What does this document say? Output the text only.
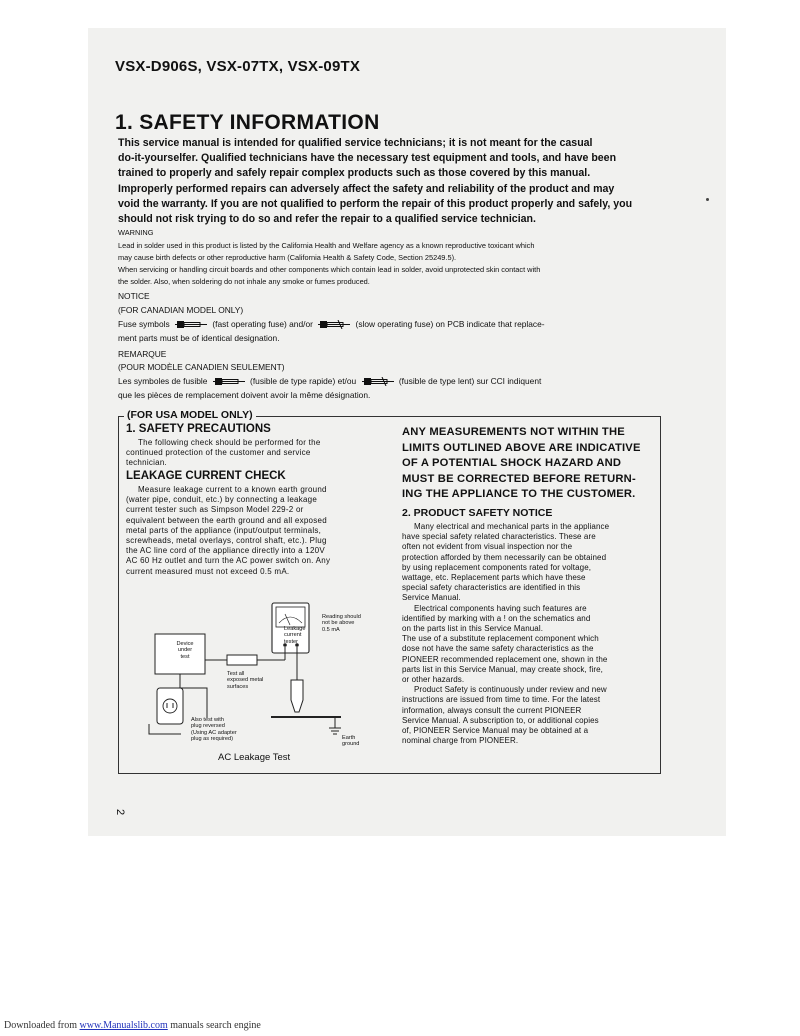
VSX-D906S, VSX-07TX, VSX-09TX
1. SAFETY INFORMATION
This service manual is intended for qualified service technicians; it is not meant for the casual
do-it-yourselfer. Qualified technicians have the necessary test equipment and tools, and have been
trained to properly and safely repair complex products such as those covered by this manual.
Improperly performed repairs can adversely affect the safety and reliability of the product and may
void the warranty. If you are not qualified to perform the repair of this product properly and safely, you
should not risk trying to do so and refer the repair to a qualified service technician.
WARNING
Lead in solder used in this product is listed by the California Health and Welfare agency as a known reproductive toxicant which
may cause birth defects or other reproductive harm (California Health & Safety Code, Section 25249.5).
When servicing or handling circuit boards and other components which contain lead in solder, avoid unprotected skin contact with
the solder. Also, when soldering do not inhale any smoke or fumes produced.
NOTICE
(FOR CANADIAN MODEL ONLY)
Fuse symbols	(fast operating fuse) and/or	(slow operating fuse) on PCB indicate that replace-
ment parts must be of identical designation.
REMARQUE
(POUR MODÈLE CANADIEN SEULEMENT)
Les symboles de fusible	(fusible de type rapide) et/ou	(fusible de type lent) sur CCI indiquent
que les pièces de remplacement doivent avoir la même désignation.
(FOR USA MODEL ONLY)
1. SAFETY PRECAUTIONS
The following check should be performed for the
continued protection of the customer and service
technician.
LEAKAGE CURRENT CHECK
Measure leakage current to a known earth ground
(water pipe, conduit, etc.) by connecting a leakage
current tester such as Simpson Model 229-2 or
equivalent between the earth ground and all exposed
metal parts of the appliance (input/output terminals,
screwheads, metal overlays, control shaft, etc.). Plug
the AC line cord of the appliance directly into a 120V
AC 60 Hz outlet and turn the AC power switch on. Any
current measured must not exceed 0.5 mA.
Reading should
not be above
0.5 mA
Leakage
current
tester
Device
under
test
Test all
exposed metal
surfaces
Also test with
plug reversed
(Using AC adapter
plug as required)	Earth
ground
AC Leakage Test
ANY MEASUREMENTS NOT WITHIN THE
LIMITS OUTLINED ABOVE ARE INDICATIVE
OF A POTENTIAL SHOCK HAZARD AND
MUST BE CORRECTED BEFORE RETURN-
ING THE APPLIANCE TO THE CUSTOMER.
2. PRODUCT SAFETY NOTICE
Many electrical and mechanical parts in the appliance
have special safety related characteristics. These are
often not evident from visual inspection nor the
protection afforded by them necessarily can be obtained
by using replacement components rated for voltage,
wattage, etc. Replacement parts which have these
special safety characteristics are identified in this
Service Manual.
Electrical components having such features are
identified by marking with a ! on the schematics and
on the parts list in this Service Manual.
The use of a substitute replacement component which
dose not have the same safety characteristics as the
PIONEER recommended replacement one, shown in the
parts list in this Service Manual, may create shock, fire,
or other hazards.
Product Safety is continuously under review and new
instructions are issued from time to time. For the latest
information, always consult the current PIONEER
Service Manual. A subscription to, or additional copies
of, PIONEER Service Manual may be obtained at a
nominal charge from PIONEER.
2
Downloaded from www.Manualslib.com manuals search engine
